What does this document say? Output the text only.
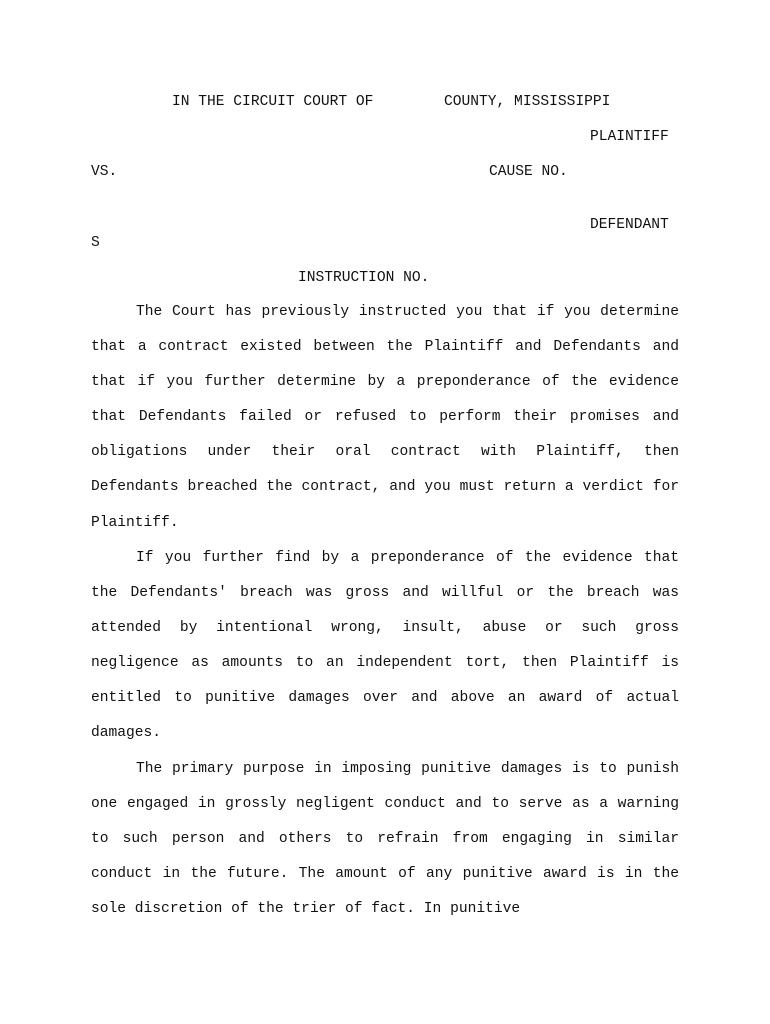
IN THE CIRCUIT COURT OF	COUNTY, MISSISSIPPI
PLAINTIFF
VS.	CAUSE NO.
DEFENDANT
S
INSTRUCTION NO.

The Court has previously instructed you that if you determine that a contract existed between the Plaintiff and Defendants and that if you further determine by a preponderance of the evidence that Defendants failed or refused to perform their promises and obligations under their oral contract with Plaintiff, then Defendants breached the contract, and you must return a verdict for Plaintiff.

If you further find by a preponderance of the evidence that the Defendants' breach was gross and willful or the breach was attended by intentional wrong, insult, abuse or such gross negligence as amounts to an independent tort, then Plaintiff is entitled to punitive damages over and above an award of actual damages.

The primary purpose in imposing punitive damages is to punish one engaged in grossly negligent conduct and to serve as a warning to such person and others to refrain from engaging in similar conduct in the future. The amount of any punitive award is in the sole discretion of the trier of fact. In punitive
